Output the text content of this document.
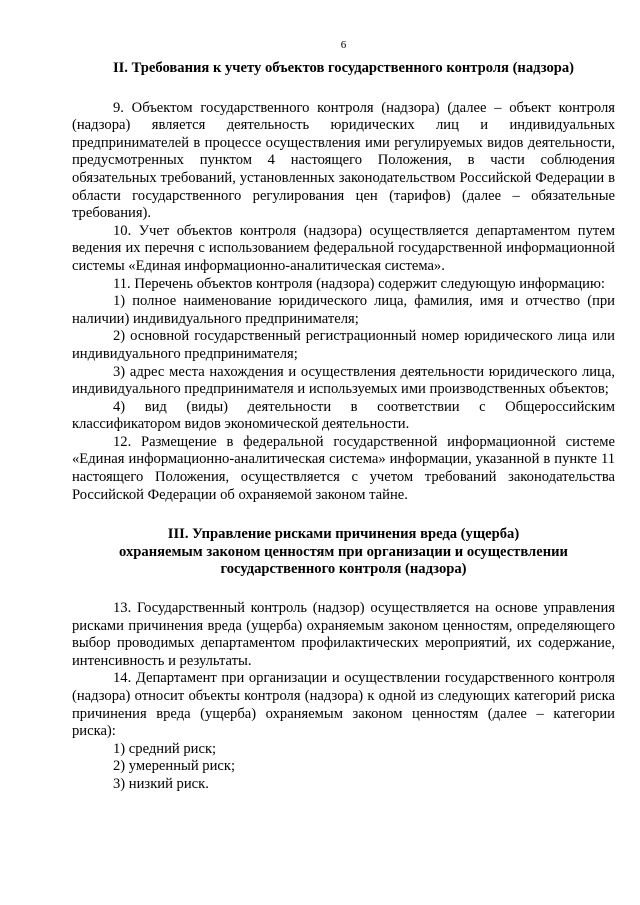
6
II. Требования к учету объектов государственного контроля (надзора)

9. Объектом государственного контроля (надзора) (далее – объект контроля (надзора) является деятельность юридических лиц и индивидуальных предпринимателей в процессе осуществления ими регулируемых видов деятельности, предусмотренных пунктом 4 настоящего Положения, в части соблюдения обязательных требований, установленных законодательством Российской Федерации в области государственного регулирования цен (тарифов) (далее – обязательные требования).

10. Учет объектов контроля (надзора) осуществляется департаментом путем ведения их перечня с использованием федеральной государственной информационной системы «Единая информационно-аналитическая система».

11. Перечень объектов контроля (надзора) содержит следующую информацию:

1) полное наименование юридического лица, фамилия, имя и отчество (при наличии) индивидуального предпринимателя;

2) основной государственный регистрационный номер юридического лица или индивидуального предпринимателя;

3) адрес места нахождения и осуществления деятельности юридического лица, индивидуального предпринимателя и используемых ими производственных объектов;

4) вид (виды) деятельности в соответствии с Общероссийским классификатором видов экономической деятельности.

12. Размещение в федеральной государственной информационной системе «Единая информационно-аналитическая система» информации, указанной в пункте 11 настоящего Положения, осуществляется с учетом требований законодательства Российской Федерации об охраняемой законом тайне.

III. Управление рисками причинения вреда (ущерба)
охраняемым законом ценностям при организации и осуществлении
государственного контроля (надзора)

13. Государственный контроль (надзор) осуществляется на основе управления рисками причинения вреда (ущерба) охраняемым законом ценностям, определяющего выбор проводимых департаментом профилактических мероприятий, их содержание, интенсивность и результаты.

14. Департамент при организации и осуществлении государственного контроля (надзора) относит объекты контроля (надзора) к одной из следующих категорий риска причинения вреда (ущерба) охраняемым законом ценностям (далее – категории риска):

1) средний риск;

2) умеренный риск;

3) низкий риск.
